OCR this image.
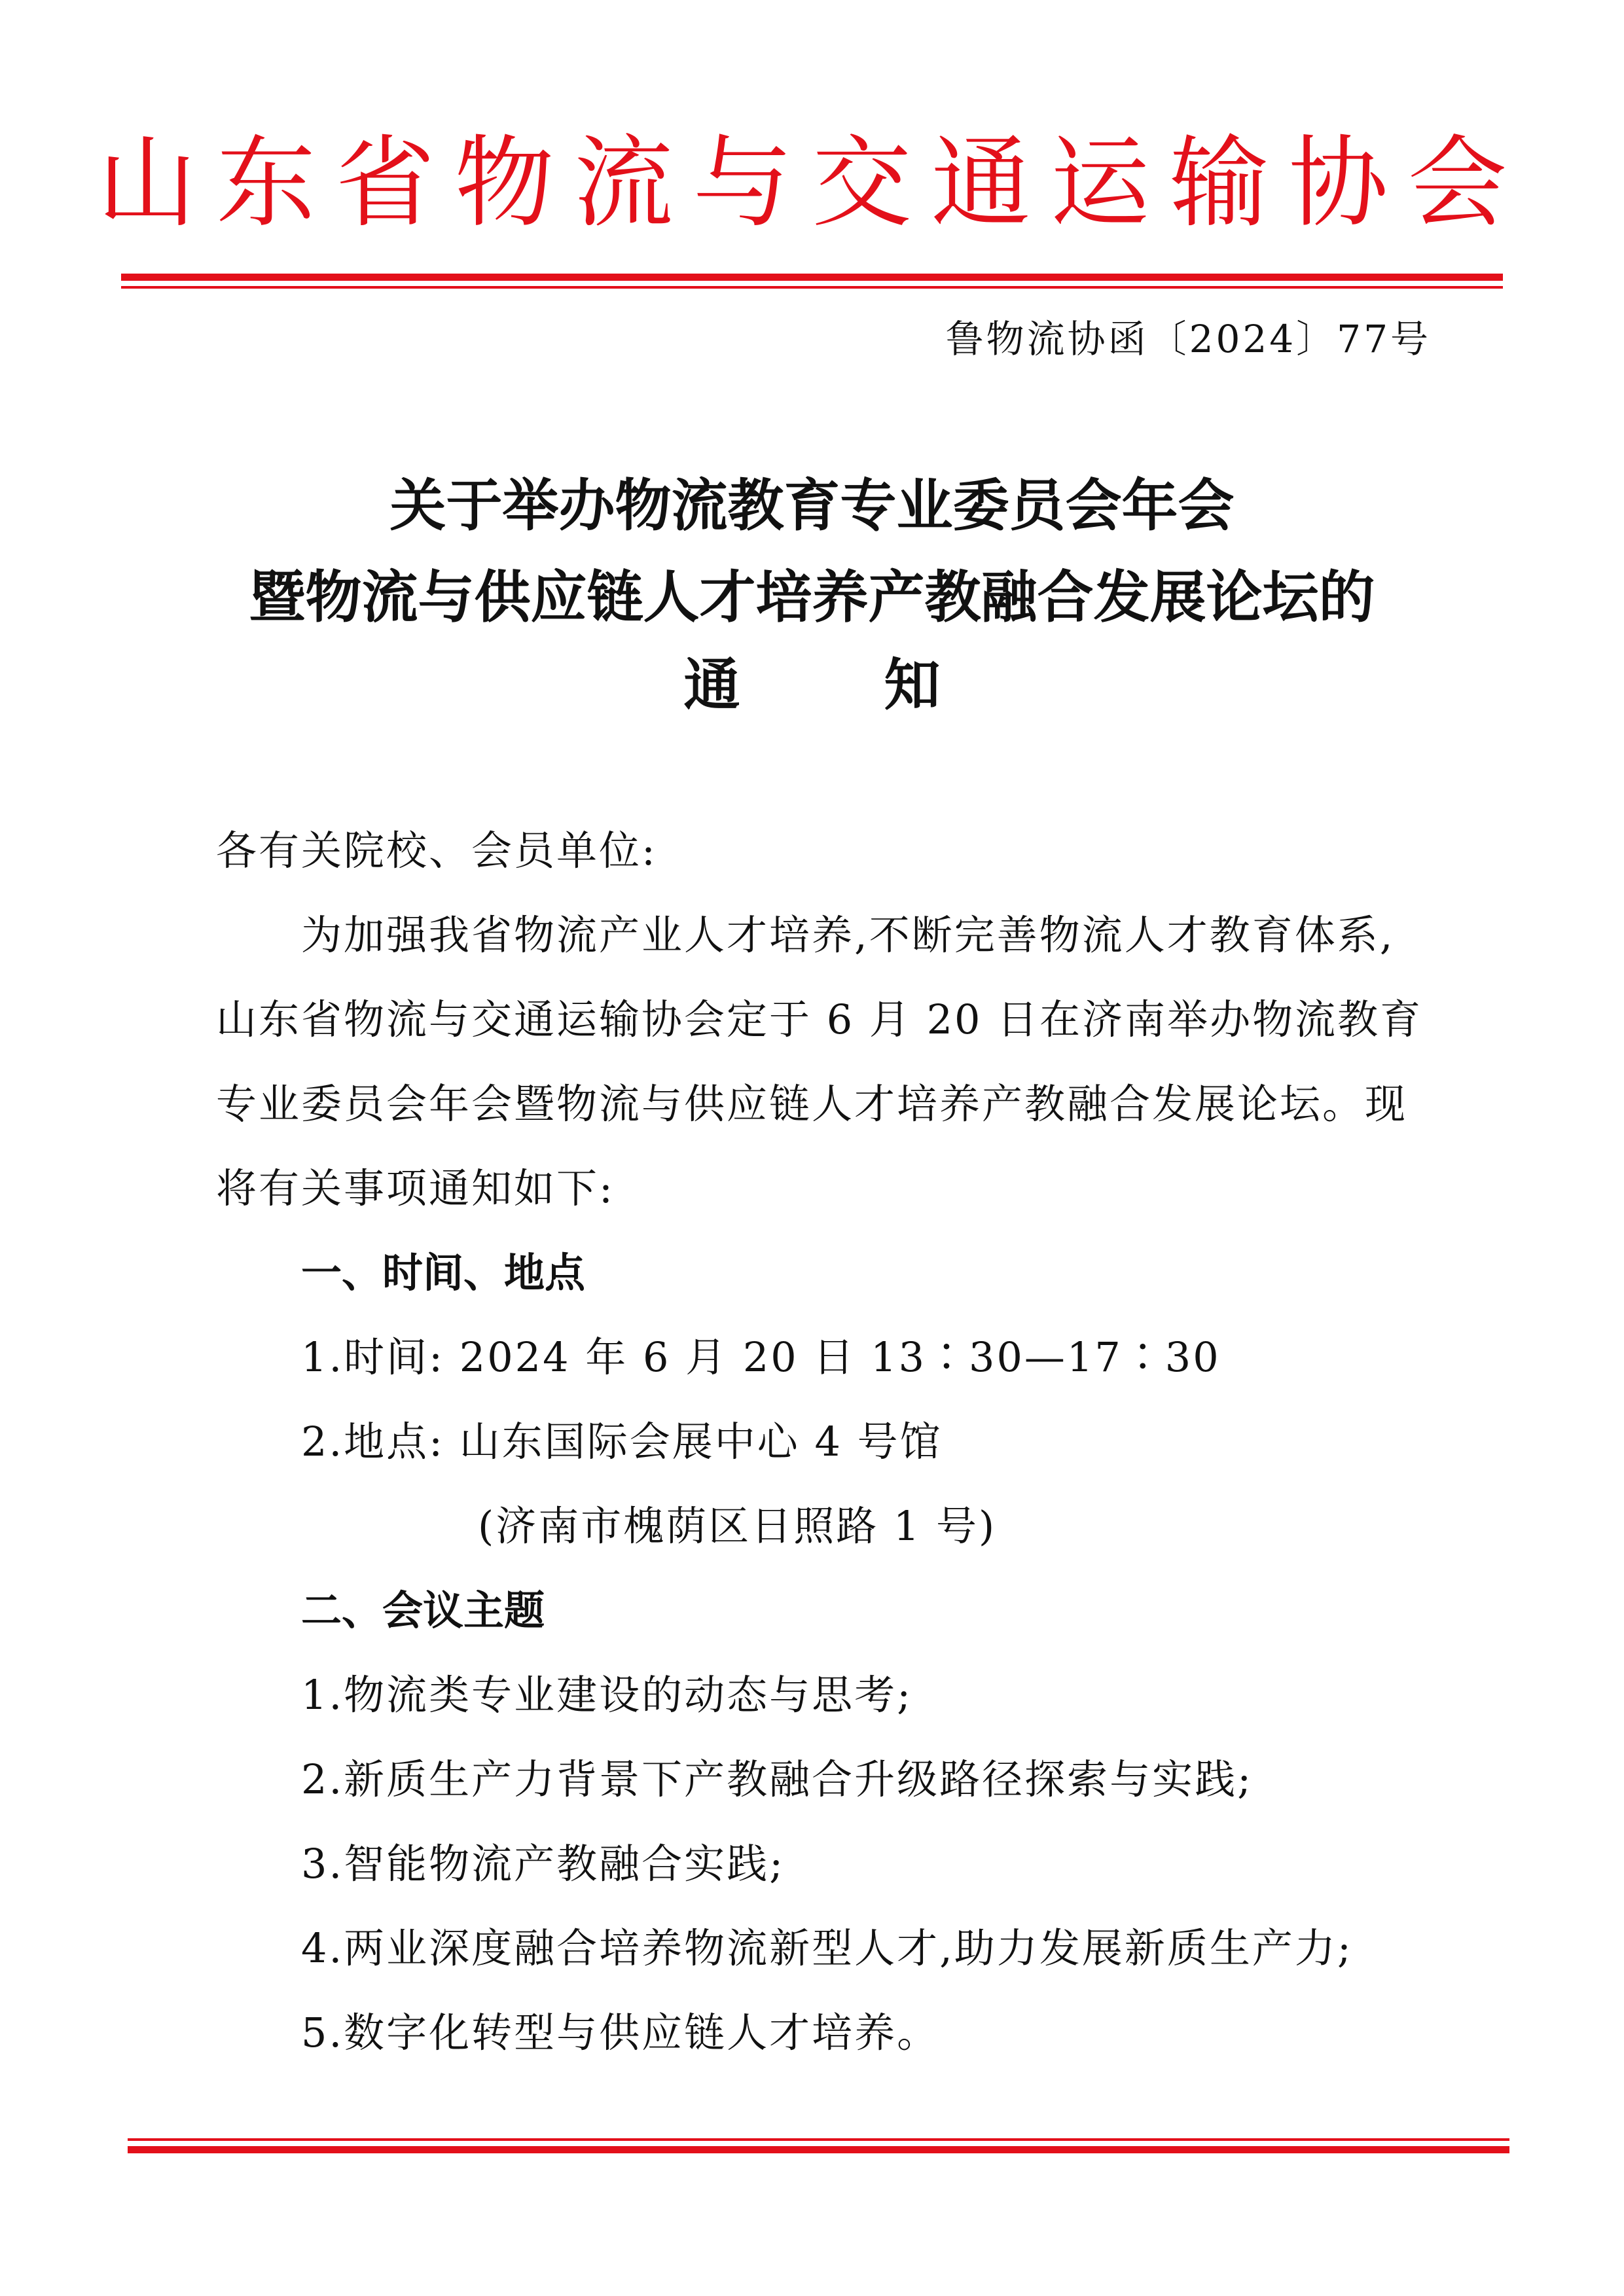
山东省物流与交通运输协会
鲁物流协函〔2024〕77号
关于举办物流教育专业委员会年会
暨物流与供应链人才培养产教融合发展论坛的
通	知
各有关院校、会员单位:
为加强我省物流产业人才培养,不断完善物流人才教育体系,
山东省物流与交通运输协会定于 6 月 20 日在济南举办物流教育
专业委员会年会暨物流与供应链人才培养产教融合发展论坛。现
将有关事项通知如下:
一、时间、地点
1.时间: 2024 年 6 月 20 日 13∶30—17∶30
2.地点: 山东国际会展中心 4 号馆
(济南市槐荫区日照路 1 号)
二、会议主题
1.物流类专业建设的动态与思考;
2.新质生产力背景下产教融合升级路径探索与实践;
3.智能物流产教融合实践;
4.两业深度融合培养物流新型人才,助力发展新质生产力;
5.数字化转型与供应链人才培养。
